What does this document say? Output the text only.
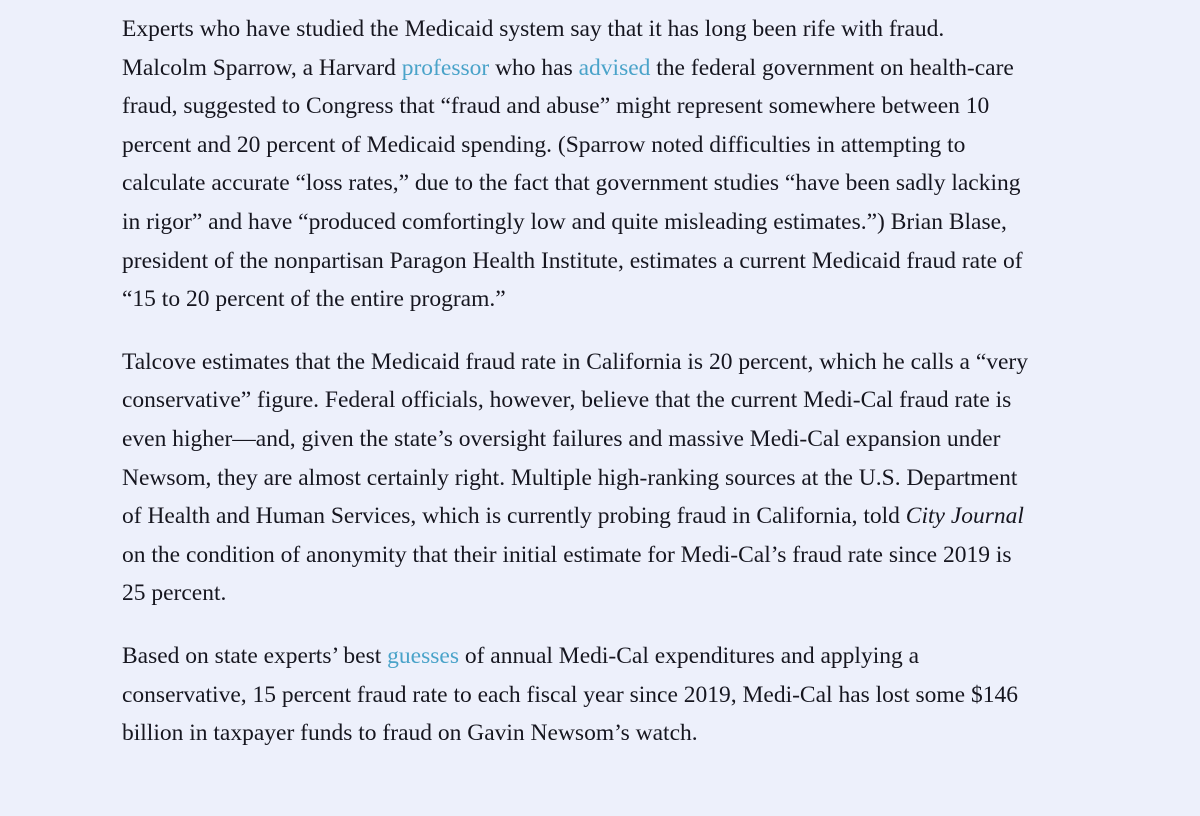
Experts who have studied the Medicaid system say that it has long been rife with fraud. Malcolm Sparrow, a Harvard professor who has advised the federal government on health-care fraud, suggested to Congress that “fraud and abuse” might represent somewhere between 10 percent and 20 percent of Medicaid spending. (Sparrow noted difficulties in attempting to calculate accurate “loss rates,” due to the fact that government studies “have been sadly lacking in rigor” and have “produced comfortingly low and quite misleading estimates.”) Brian Blase, president of the nonpartisan Paragon Health Institute, estimates a current Medicaid fraud rate of “15 to 20 percent of the entire program.”

Talcove estimates that the Medicaid fraud rate in California is 20 percent, which he calls a “very conservative” figure. Federal officials, however, believe that the current Medi-Cal fraud rate is even higher—and, given the state’s oversight failures and massive Medi-Cal expansion under Newsom, they are almost certainly right. Multiple high-ranking sources at the U.S. Department of Health and Human Services, which is currently probing fraud in California, told City Journal on the condition of anonymity that their initial estimate for Medi-Cal’s fraud rate since 2019 is 25 percent.

Based on state experts’ best guesses of annual Medi-Cal expenditures and applying a conservative, 15 percent fraud rate to each fiscal year since 2019, Medi-Cal has lost some $146 billion in taxpayer funds to fraud on Gavin Newsom’s watch.
